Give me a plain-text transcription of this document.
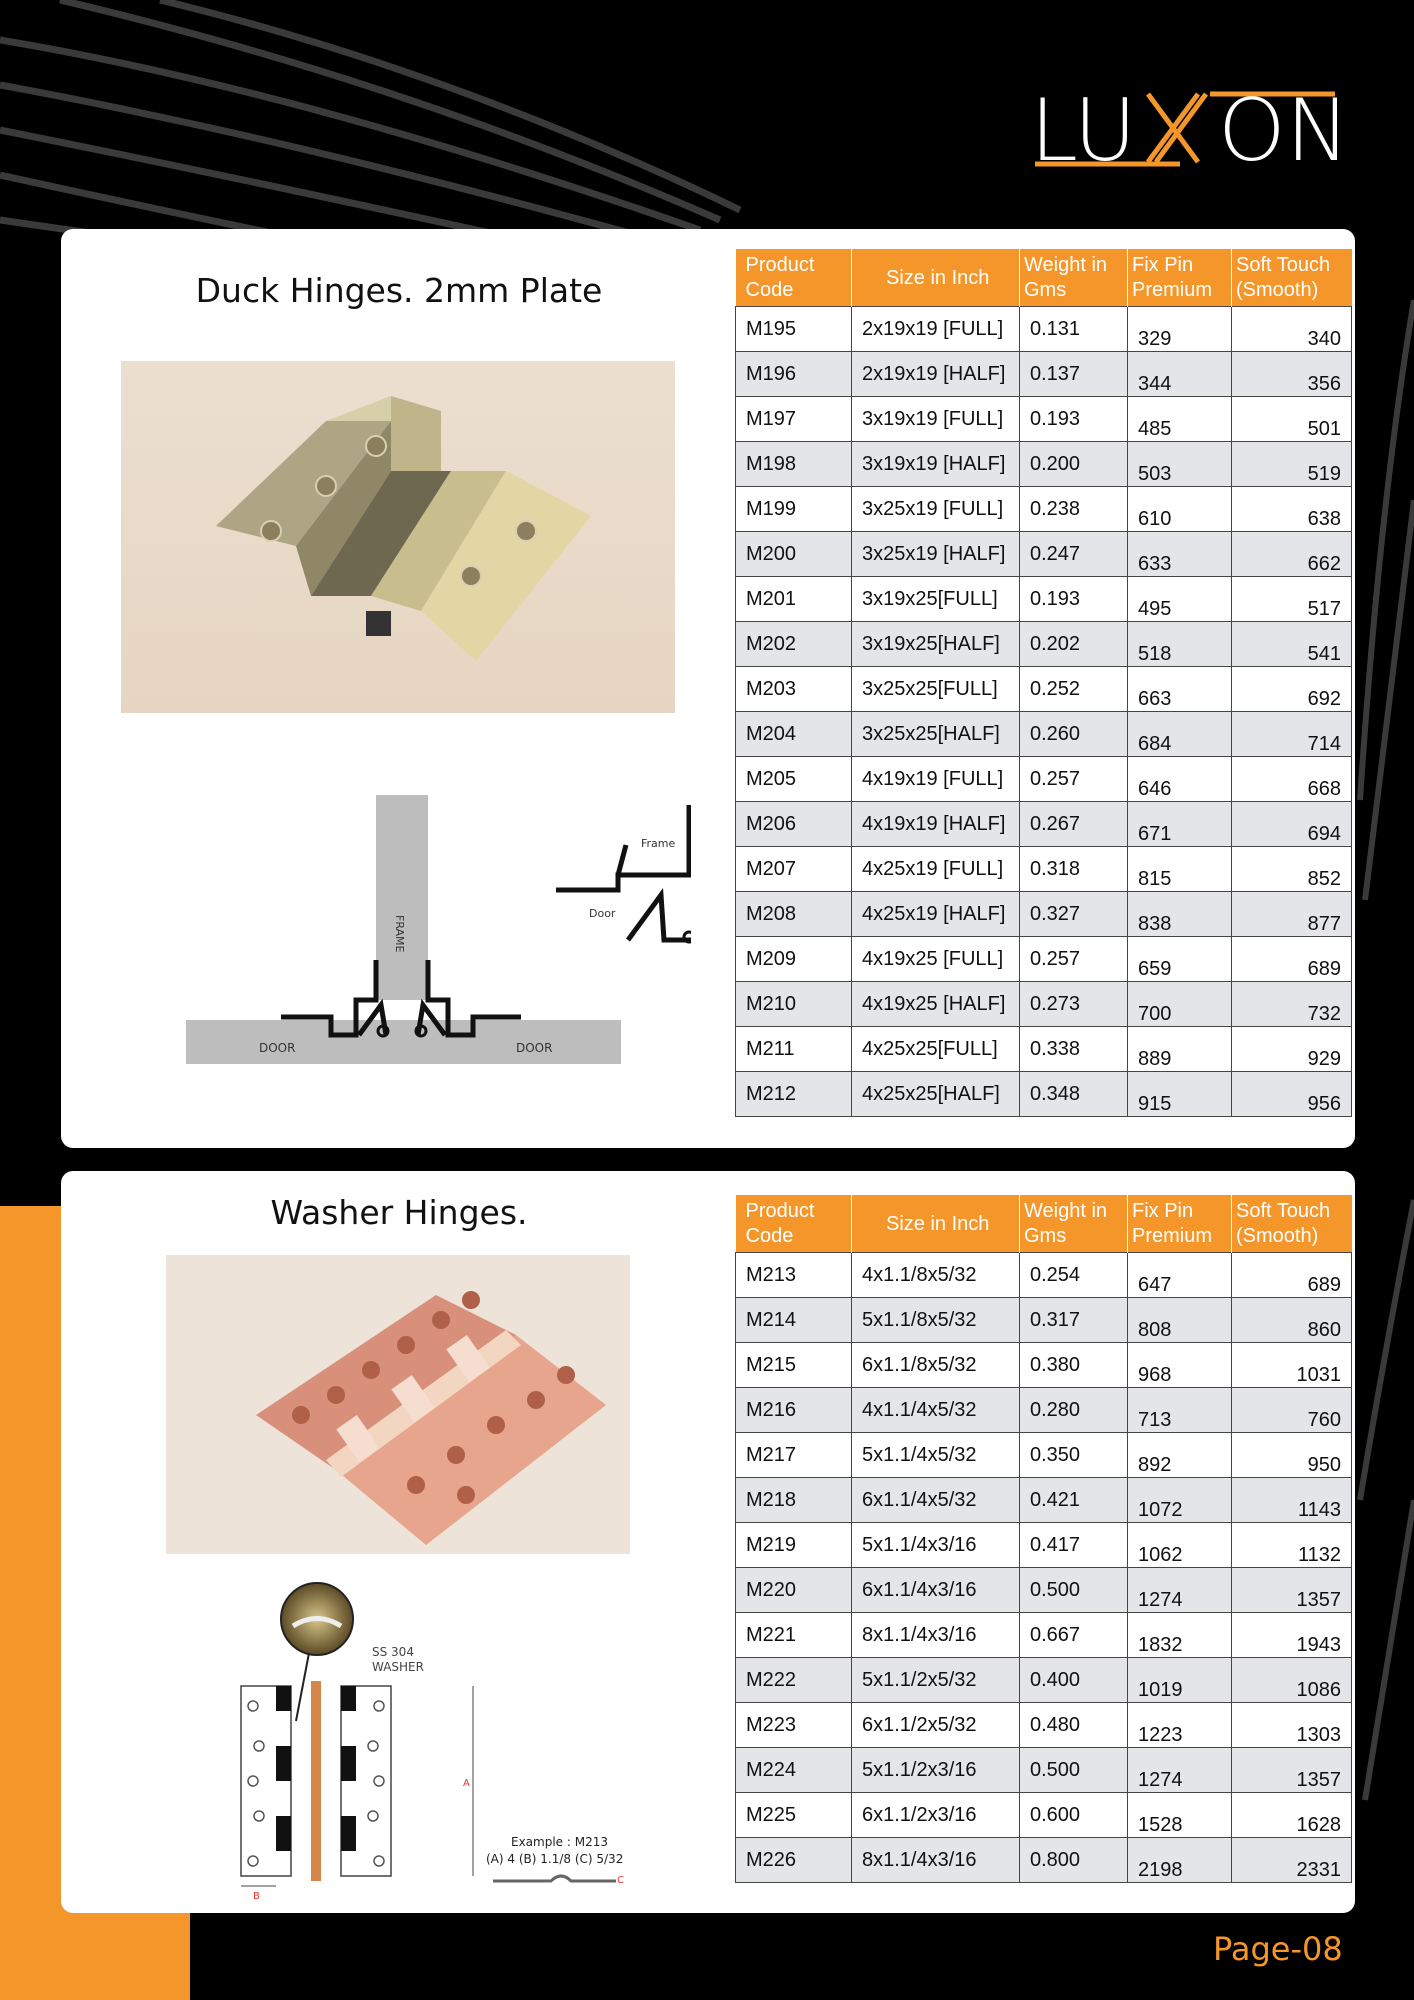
LU ON
Duck Hinges. 2mm Plate
FRAME
DOOR	DOOR
Frame
Door
Product Code	Size in Inch	Weight in Gms	Fix Pin Premium	Soft Touch (Smooth)
M195	2x19x19 [FULL]	0.131	329	340
M196	2x19x19 [HALF]	0.137	344	356
M197	3x19x19 [FULL]	0.193	485	501
M198	3x19x19 [HALF]	0.200	503	519
M199	3x25x19 [FULL]	0.238	610	638
M200	3x25x19 [HALF]	0.247	633	662
M201	3x19x25[FULL]	0.193	495	517
M202	3x19x25[HALF]	0.202	518	541
M203	3x25x25[FULL]	0.252	663	692
M204	3x25x25[HALF]	0.260	684	714
M205	4x19x19 [FULL]	0.257	646	668
M206	4x19x19 [HALF]	0.267	671	694
M207	4x25x19 [FULL]	0.318	815	852
M208	4x25x19 [HALF]	0.327	838	877
M209	4x19x25 [FULL]	0.257	659	689
M210	4x19x25 [HALF]	0.273	700	732
M211	4x25x25[FULL]	0.338	889	929
M212	4x25x25[HALF]	0.348	915	956
Washer Hinges.
SS 304
WASHER
A
B
Example : M213
(A) 4 (B) 1.1/8 (C) 5/32
C
Product Code	Size in Inch	Weight in Gms	Fix Pin Premium	Soft Touch (Smooth)
M213	4x1.1/8x5/32	0.254	647	689
M214	5x1.1/8x5/32	0.317	808	860
M215	6x1.1/8x5/32	0.380	968	1031
M216	4x1.1/4x5/32	0.280	713	760
M217	5x1.1/4x5/32	0.350	892	950
M218	6x1.1/4x5/32	0.421	1072	1143
M219	5x1.1/4x3/16	0.417	1062	1132
M220	6x1.1/4x3/16	0.500	1274	1357
M221	8x1.1/4x3/16	0.667	1832	1943
M222	5x1.1/2x5/32	0.400	1019	1086
M223	6x1.1/2x5/32	0.480	1223	1303
M224	5x1.1/2x3/16	0.500	1274	1357
M225	6x1.1/2x3/16	0.600	1528	1628
M226	8x1.1/4x3/16	0.800	2198	2331
Page-08
